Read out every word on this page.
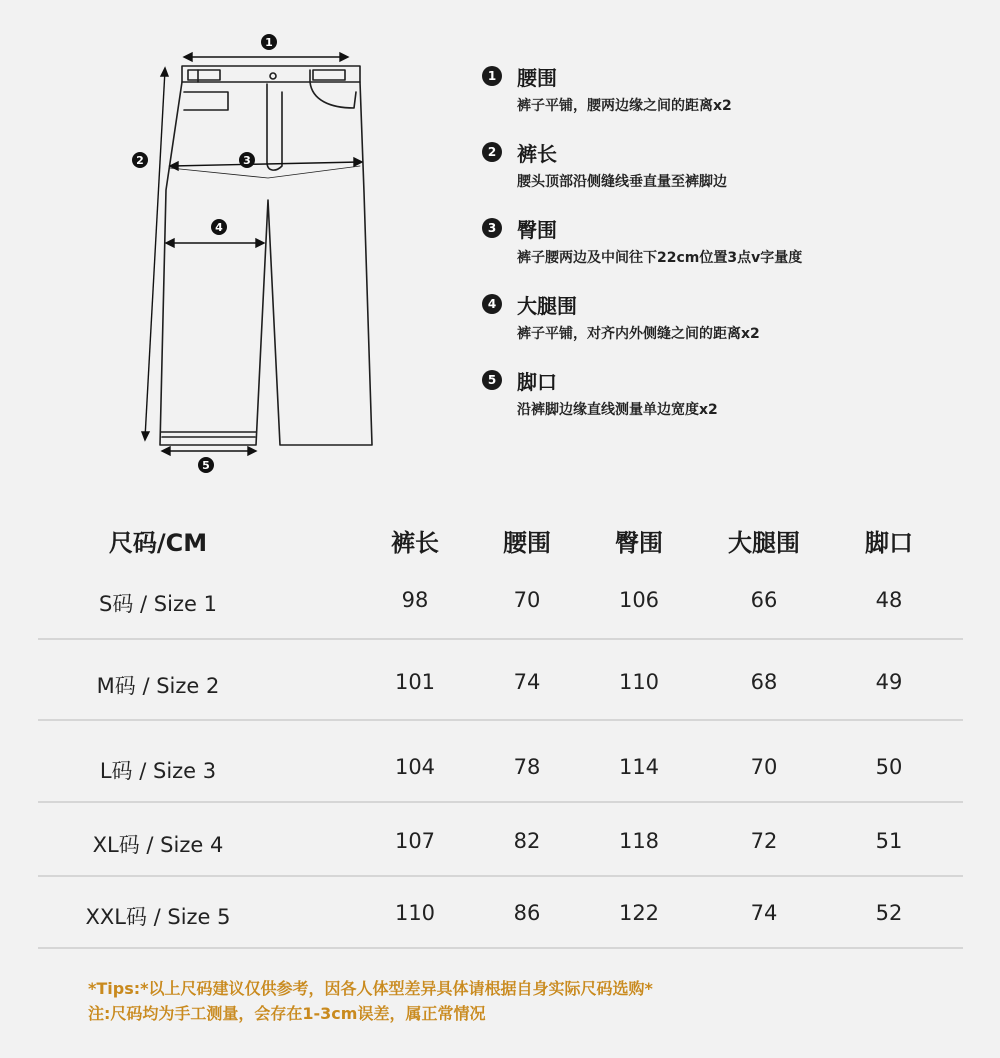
1
2	3
4
5
1 腰围
裤子平铺，腰两边缘之间的距离x2
2 裤长
腰头顶部沿侧缝线垂直量至裤脚边
3 臀围
裤子腰两边及中间往下22cm位置3点v字量度
4 大腿围
裤子平铺，对齐内外侧缝之间的距离x2
5 脚口
沿裤脚边缘直线测量单边宽度x2
尺码/CM	裤长	腰围	臀围	大腿围	脚口
S码 / Size 1	98	70	106	66	48
M码 / Size 2	101	74	110	68	49
L码 / Size 3	104	78	114	70	50
XL码 / Size 4	107	82	118	72	51
XXL码 / Size 5	110	86	122	74	52
*Tips:*以上尺码建议仅供参考，因各人体型差异具体请根据自身实际尺码选购*
注:尺码均为手工测量，会存在1-3cm误差，属正常情况
